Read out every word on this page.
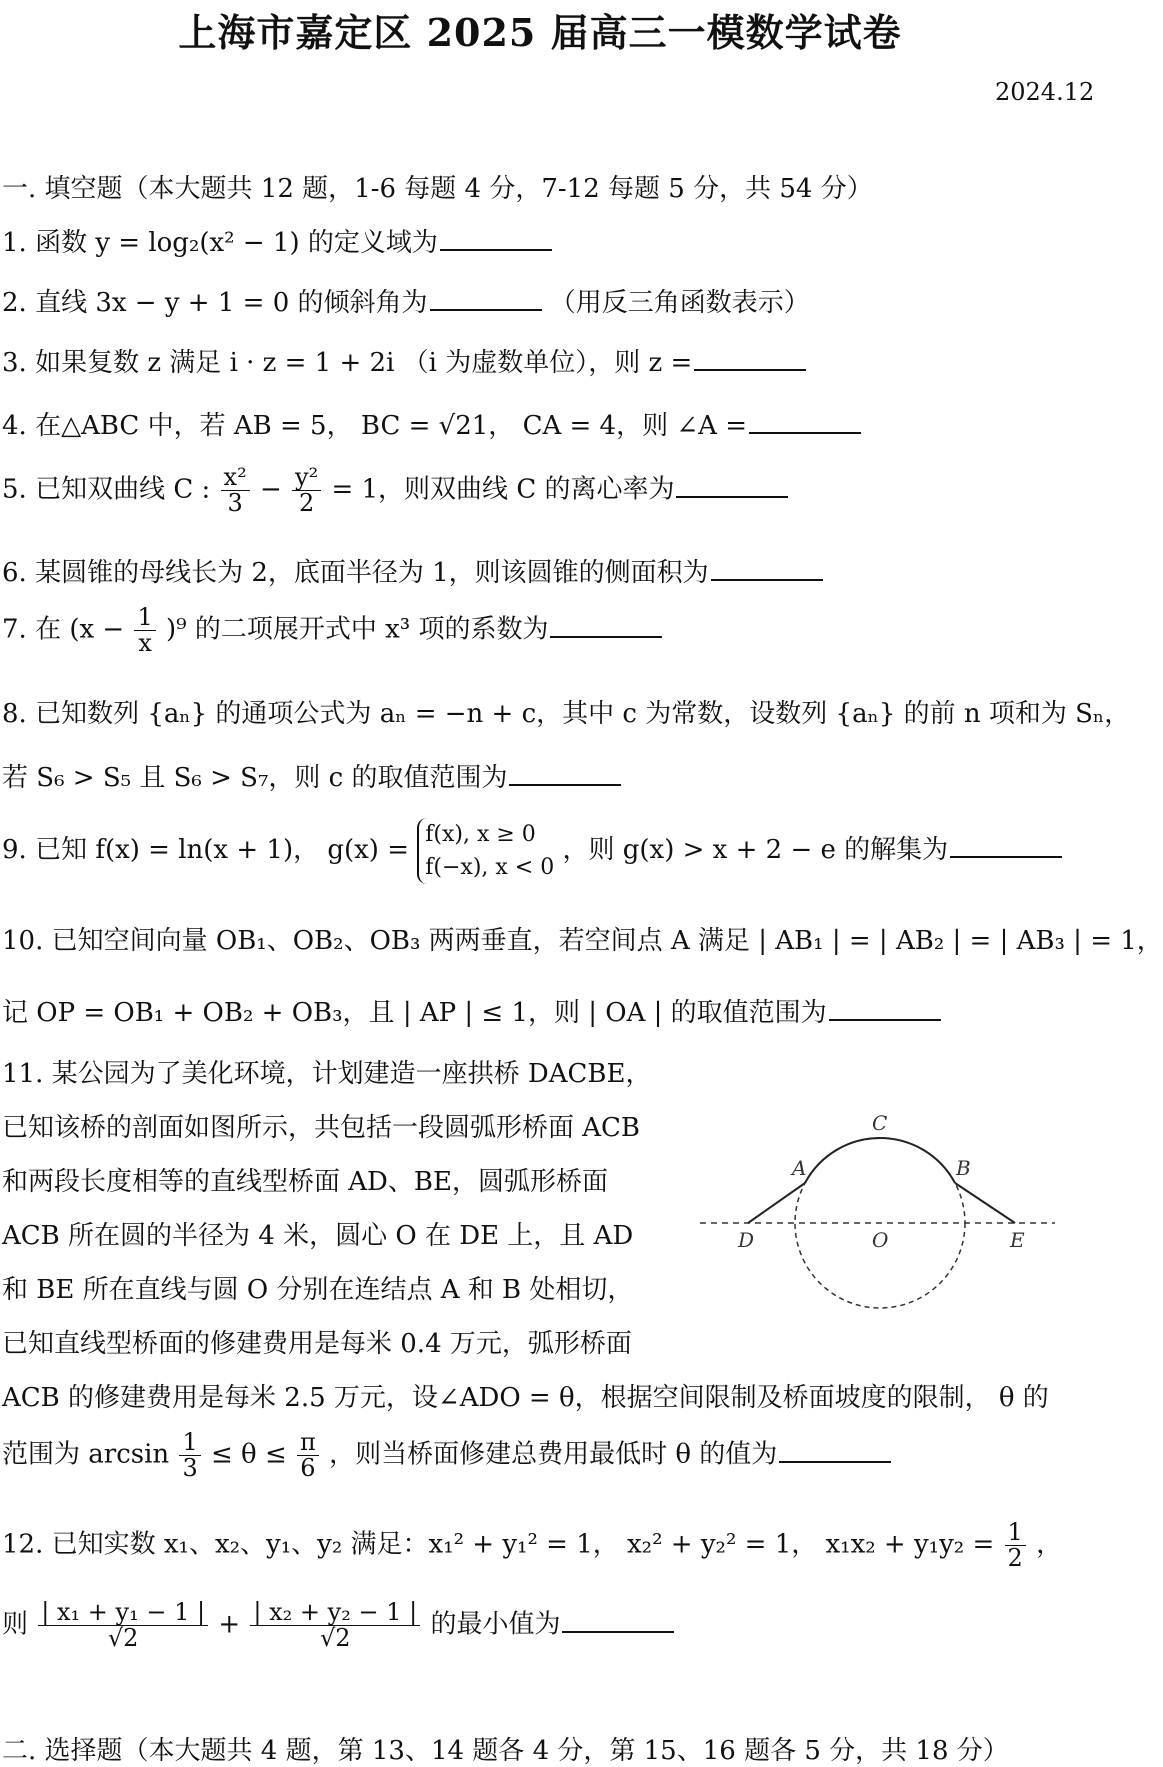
上海市嘉定区 2025 届高三一模数学试卷
2024.12
一. 填空题（本大题共 12 题，1-6 每题 4 分，7-12 每题 5 分，共 54 分）
1. 函数 y = log₂(x² − 1) 的定义域为
2. 直线 3x − y + 1 = 0 的倾斜角为	（用反三角函数表示）
3. 如果复数 z 满足 i · z = 1 + 2i （i 为虚数单位），则 z =
4. 在△ABC 中，若 AB = 5， BC = √21， CA = 4，则 ∠A =
5. 已知双曲线 C : $\frac{\text{x²}}{3} - \frac{\text{y²}}{2} = 1$，则双曲线 C 的离心率为
6. 某圆锥的母线长为 2，底面半径为 1，则该圆锥的侧面积为
7. 在 $(x - \frac{1}{x} )^9$ 的二项展开式中 x³ 项的系数为
8. 已知数列 {aₙ} 的通项公式为 aₙ = −n + c，其中 c 为常数，设数列 {aₙ} 的前 n 项和为 Sₙ，
若 S₆ > S₅ 且 S₆ > S₇，则 c 的取值范围为
9. 已知 f(x) = ln(x + 1)， g(x) =
f(x), x ≥ 0
f(−x), x < 0
，则 g(x) > x + 2 − e 的解集为
10. 已知空间向量 OB₁、OB₂、OB₃ 两两垂直，若空间点 A 满足 | AB₁ | = | AB₂ | = | AB₃ | = 1，
记 OP = OB₁ + OB₂ + OB₃，且 | AP | ≤ 1，则 | OA | 的取值范围为
11. 某公园为了美化环境，计划建造一座拱桥 DACBE，
已知该桥的剖面如图所示，共包括一段圆弧形桥面 ACB
和两段长度相等的直线型桥面 AD、BE，圆弧形桥面
ACB 所在圆的半径为 4 米，圆心 O 在 DE 上，且 AD
和 BE 所在直线与圆 O 分别在连结点 A 和 B 处相切，
已知直线型桥面的修建费用是每米 0.4 万元，弧形桥面
ACB 的修建费用是每米 2.5 万元，设∠ADO = θ，根据空间限制及桥面坡度的限制， θ 的
范围为 $\arcsin \frac{1}{3} \le \theta \le \frac{\pi}{6}$ ，则当桥面修建总费用最低时 θ 的值为
C
A	B
D	O	E
12. 已知实数 x₁、x₂、y₁、y₂ 满足：x₁² + y₁² = 1， x₂² + y₂² = 1， $x_1x_2 + y_1y_2 = \frac{1}{2}$ ，
则 $\frac{\text{| x₁ + y₁ − 1 |}}{√2} + \frac{\text{| x₂ + y₂ − 1 |}}{√2}$ 的最小值为
二. 选择题（本大题共 4 题，第 13、14 题各 4 分，第 15、16 题各 5 分，共 18 分）
